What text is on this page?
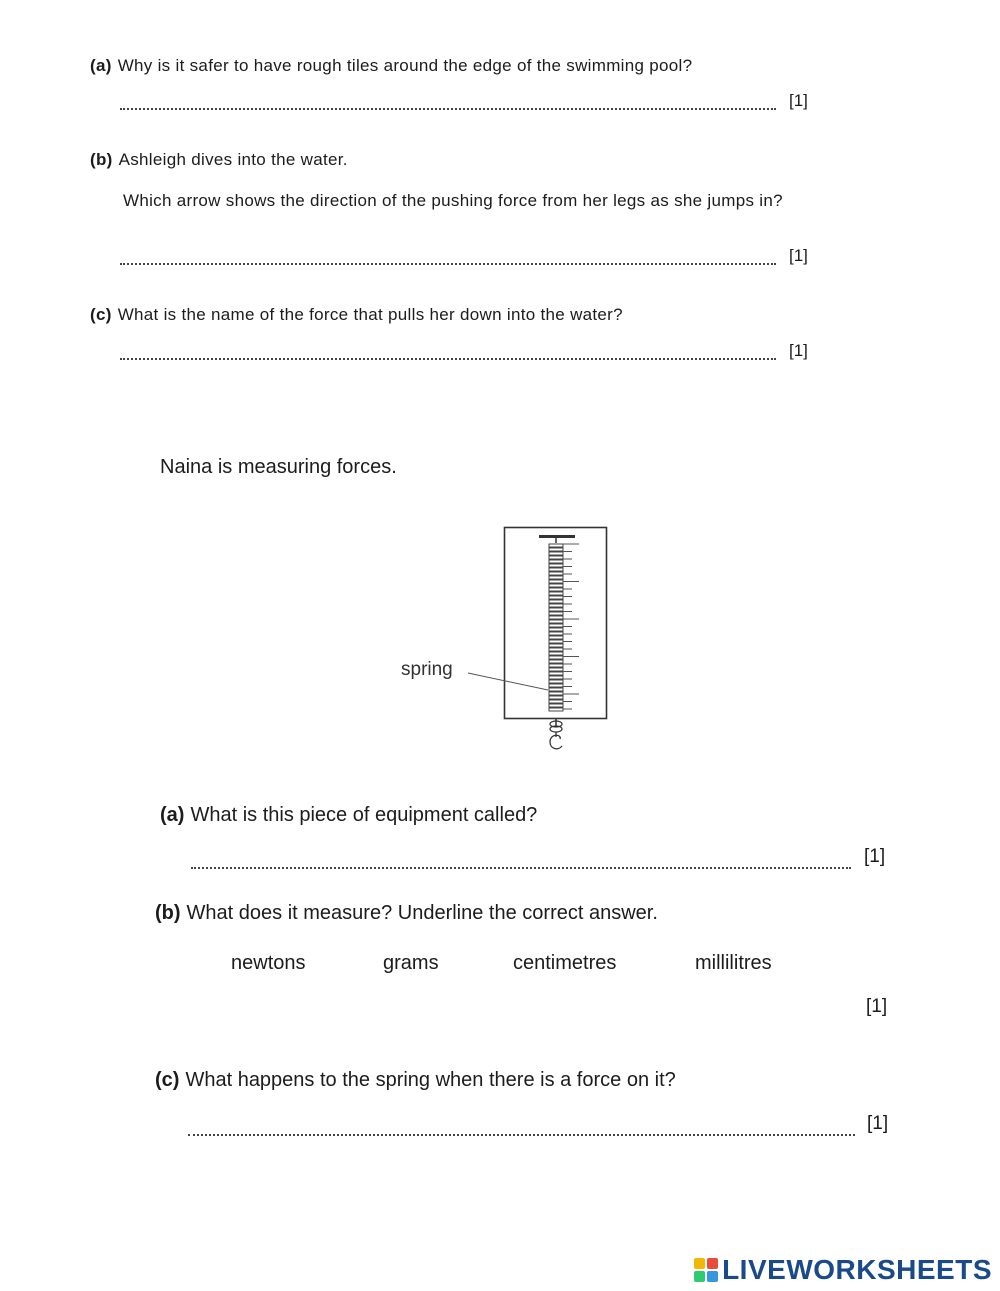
(a) Why is it safer to have rough tiles around the edge of the swimming pool?
[1]
(b) Ashleigh dives into the water.
Which arrow shows the direction of the pushing force from her legs as she jumps in?
[1]
(c) What is the name of the force that pulls her down into the water?
[1]
Naina is measuring forces.
spring
(a) What is this piece of equipment called?
[1]
(b) What does it measure? Underline the correct answer.
newtons	grams	centimetres	millilitres
[1]
(c) What happens to the spring when there is a force on it?
[1]
LIVEWORKSHEETS
